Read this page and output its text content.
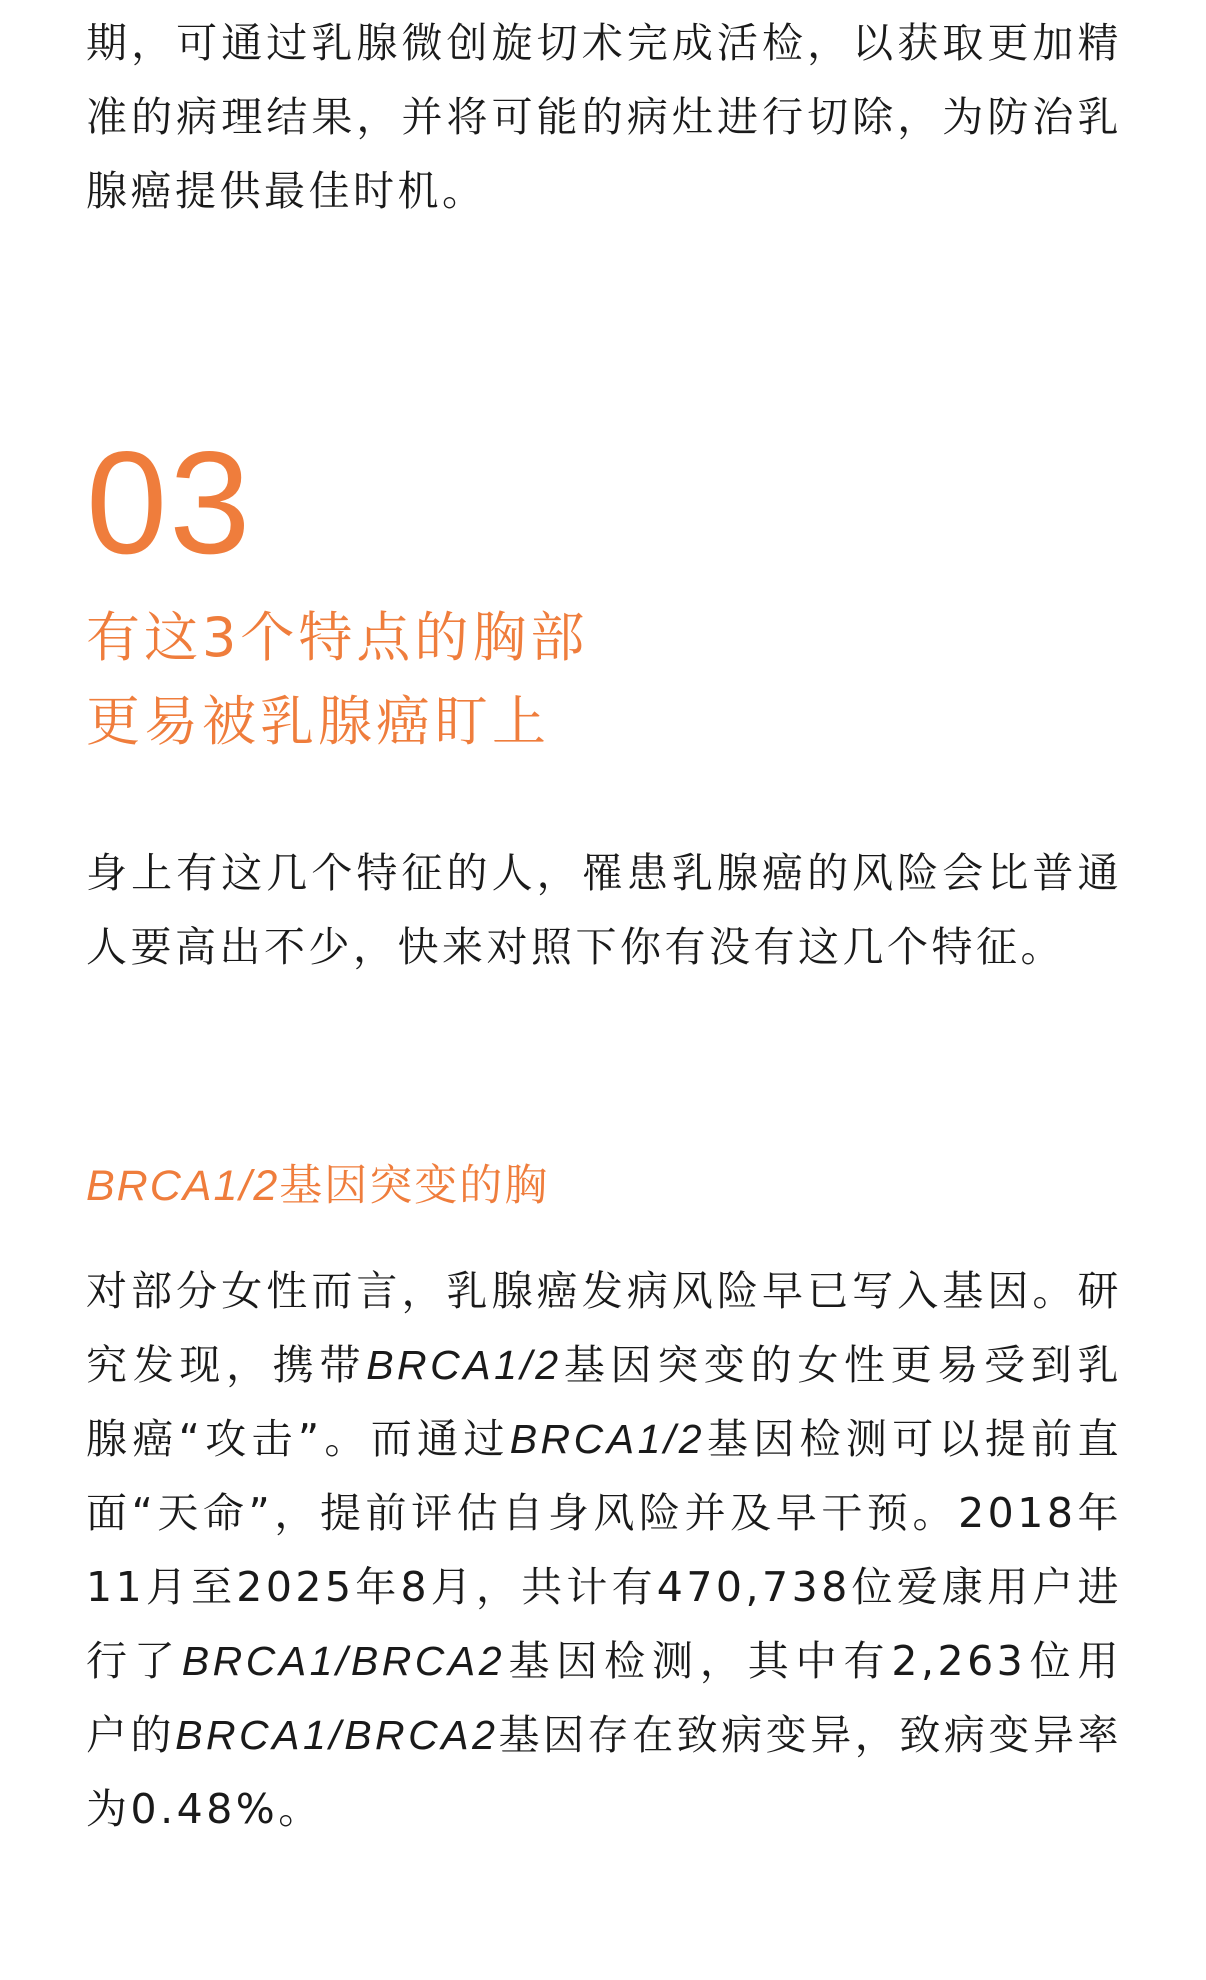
期，可通过乳腺微创旋切术完成活检，以获取更加精准的病理结果，并将可能的病灶进行切除，为防治乳腺癌提供最佳时机。

03
有这3个特点的胸部
更易被乳腺癌盯上

身上有这几个特征的人，罹患乳腺癌的风险会比普通人要高出不少，快来对照下你有没有这几个特征。

BRCA1/2基因突变的胸

对部分女性而言，乳腺癌发病风险早已写入基因。研究发现，携带BRCA1/2基因突变的女性更易受到乳腺癌“攻击”。而通过BRCA1/2基因检测可以提前直面“天命”，提前评估自身风险并及早干预。2018年11月至2025年8月，共计有470,738位爱康用户进行了BRCA1/BRCA2基因检测，其中有2,263位用户的BRCA1/BRCA2基因存在致病变异，致病变异率为0.48%。
